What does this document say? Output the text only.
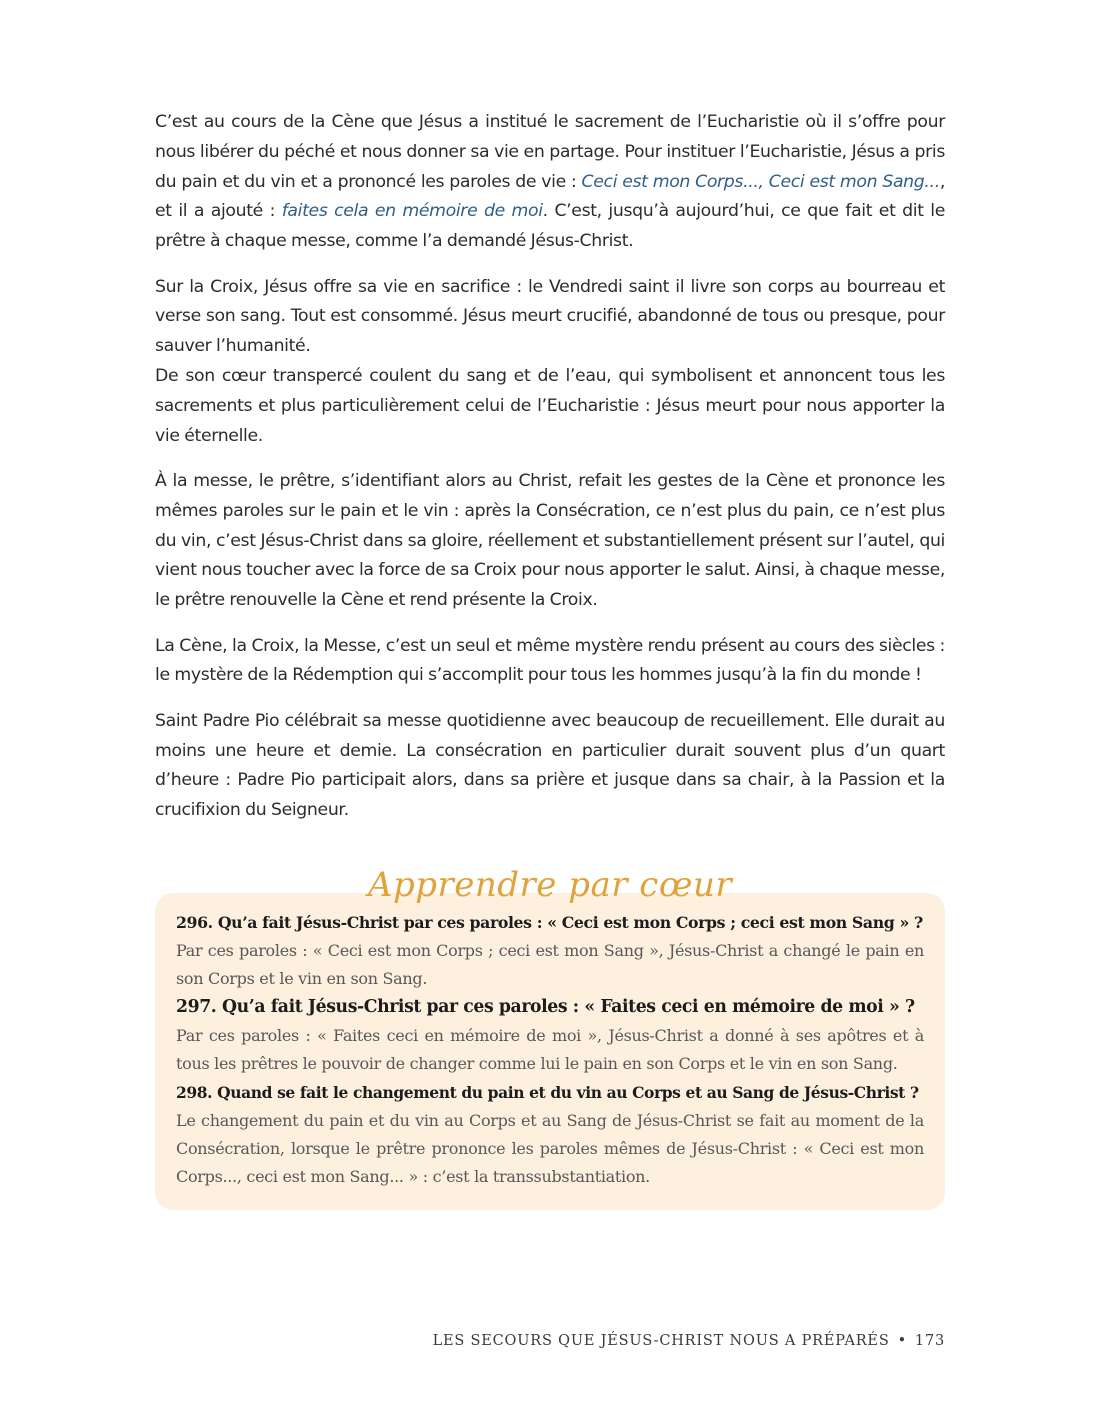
C’est au cours de la Cène que Jésus a institué le sacrement de l’Eucharistie où il s’offre pour nous libérer du péché et nous donner sa vie en partage. Pour instituer l’Eucharistie, Jésus a pris du pain et du vin et a prononcé les paroles de vie : Ceci est mon Corps..., Ceci est mon Sang..., et il a ajouté : faites cela en mémoire de moi. C’est, jusqu’à aujourd’hui, ce que fait et dit le prêtre à chaque messe, comme l’a demandé Jésus-Christ.

Sur la Croix, Jésus offre sa vie en sacrifice : le Vendredi saint il livre son corps au bourreau et verse son sang. Tout est consommé. Jésus meurt crucifié, abandonné de tous ou presque, pour sauver l’humanité.

De son cœur transpercé coulent du sang et de l’eau, qui symbolisent et annoncent tous les sacrements et plus particulièrement celui de l’Eucharistie : Jésus meurt pour nous apporter la vie éternelle.

À la messe, le prêtre, s’identifiant alors au Christ, refait les gestes de la Cène et prononce les mêmes paroles sur le pain et le vin : après la Consécration, ce n’est plus du pain, ce n’est plus du vin, c’est Jésus-Christ dans sa gloire, réellement et substantiellement présent sur l’autel, qui vient nous toucher avec la force de sa Croix pour nous apporter le salut. Ainsi, à chaque messe, le prêtre renouvelle la Cène et rend présente la Croix.

La Cène, la Croix, la Messe, c’est un seul et même mystère rendu présent au cours des siècles : le mystère de la Rédemption qui s’accomplit pour tous les hommes jusqu’à la fin du monde !

Saint Padre Pio célébrait sa messe quotidienne avec beaucoup de recueillement. Elle durait au moins une heure et demie. La consécration en particulier durait souvent plus d’un quart d’heure : Padre Pio participait alors, dans sa prière et jusque dans sa chair, à la Passion et la crucifixion du Seigneur.

Apprendre par cœur
296. Qu’a fait Jésus-Christ par ces paroles : « Ceci est mon Corps ; ceci est mon Sang » ?
Par ces paroles : « Ceci est mon Corps ; ceci est mon Sang », Jésus-Christ a changé le pain en son Corps et le vin en son Sang.
297. Qu’a fait Jésus-Christ par ces paroles : « Faites ceci en mémoire de moi » ?
Par ces paroles : « Faites ceci en mémoire de moi », Jésus-Christ a donné à ses apôtres et à tous les prêtres le pouvoir de changer comme lui le pain en son Corps et le vin en son Sang.
298. Quand se fait le changement du pain et du vin au Corps et au Sang de Jésus-Christ ?
Le changement du pain et du vin au Corps et au Sang de Jésus-Christ se fait au moment de la Consécration, lorsque le prêtre prononce les paroles mêmes de Jésus-Christ : « Ceci est mon Corps..., ceci est mon Sang... » : c’est la transsubstantiation.
LES SECOURS QUE JÉSUS-CHRIST NOUS A PRÉPARÉS • 173
